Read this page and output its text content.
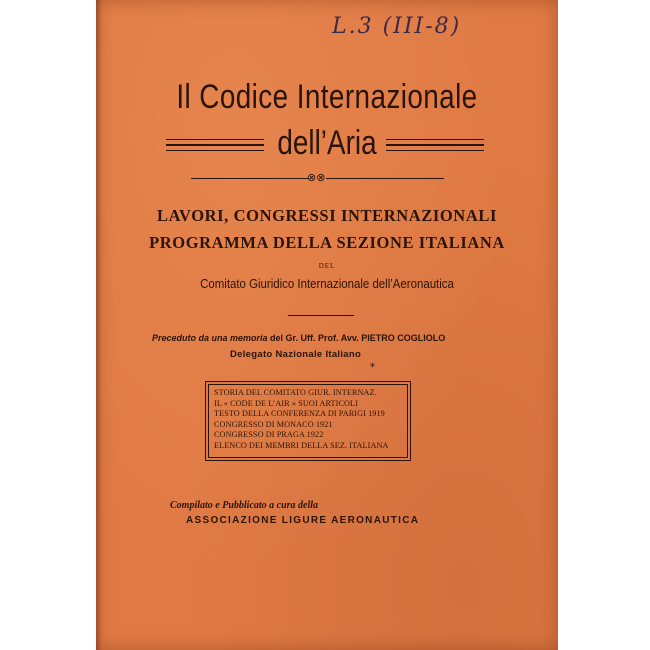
L.3 (III-8)
Il Codice Internazionale
dell’Aria
⊗⊗
LAVORI, CONGRESSI INTERNAZIONALI
PROGRAMMA DELLA SEZIONE ITALIANA
DEL
Comitato Giuridico Internazionale dell’Aeronautica
Preceduto da una memoria del Gr. Uff. Prof. Avv. PIETRO COGLIOLO
Delegato Nazionale Italiano
⁎
STORIA DEL COMITATO GIUR. INTERNAZ.
IL « CODE DE L’AIR » SUOI ARTICOLI
TESTO DELLA CONFERENZA DI PARIGI 1919
CONGRESSO DI MONACO 1921
CONGRESSO DI PRAGA 1922
ELENCO DEI MEMBRI DELLA SEZ. ITALIANA
Compilato e Pubblicato a cura della
ASSOCIAZIONE LIGURE AERONAUTICA
